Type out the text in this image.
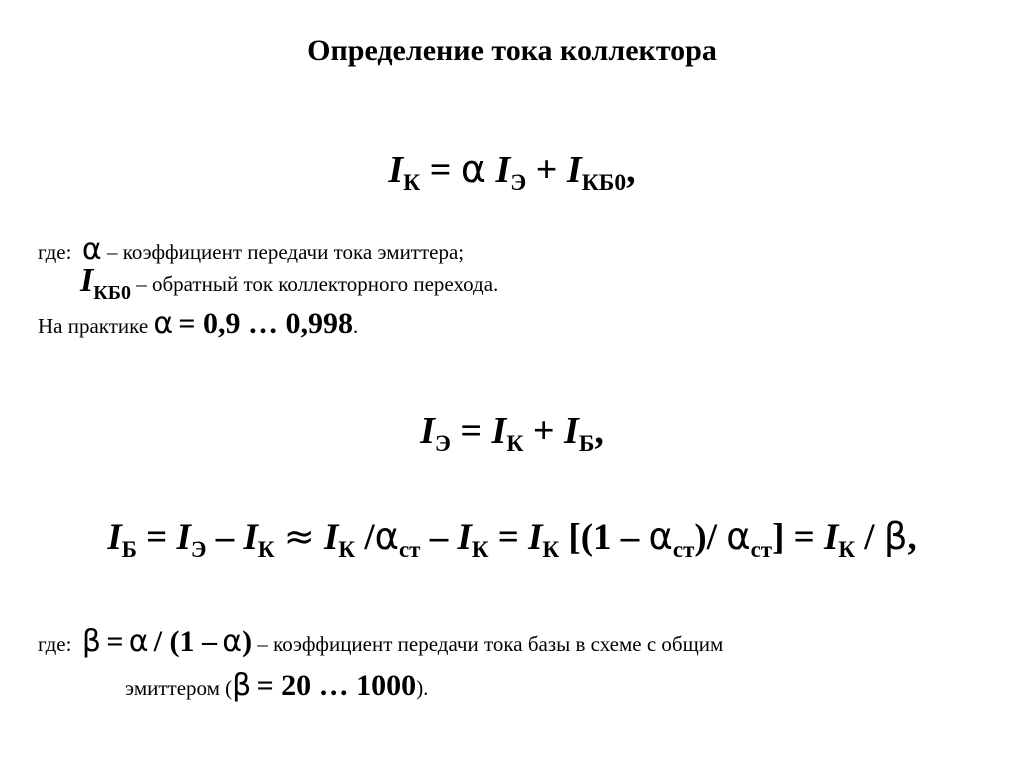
Определение тока коллектора
$I_К = \alpha$ $I_Э + I_{КБ0}$,
где: α – коэффициент передачи тока эмиттера;
$I_{КБ0}$ – обратный ток коллекторного перехода.
На практике α = 0,9 … 0,998.
$I_Э = I_К + I_Б$,
$I_Б = I_Э - I_К \approx I_К$ $/\alpha_{ст} - I_К = I_К$ [$(1 - \alpha_{ст})/$ $\alpha_{ст}] = I_К / \beta$,
где: β = α / (1 – α) – коэффициент передачи тока базы в схеме с общим
эмиттером (β = 20 … 1000).
